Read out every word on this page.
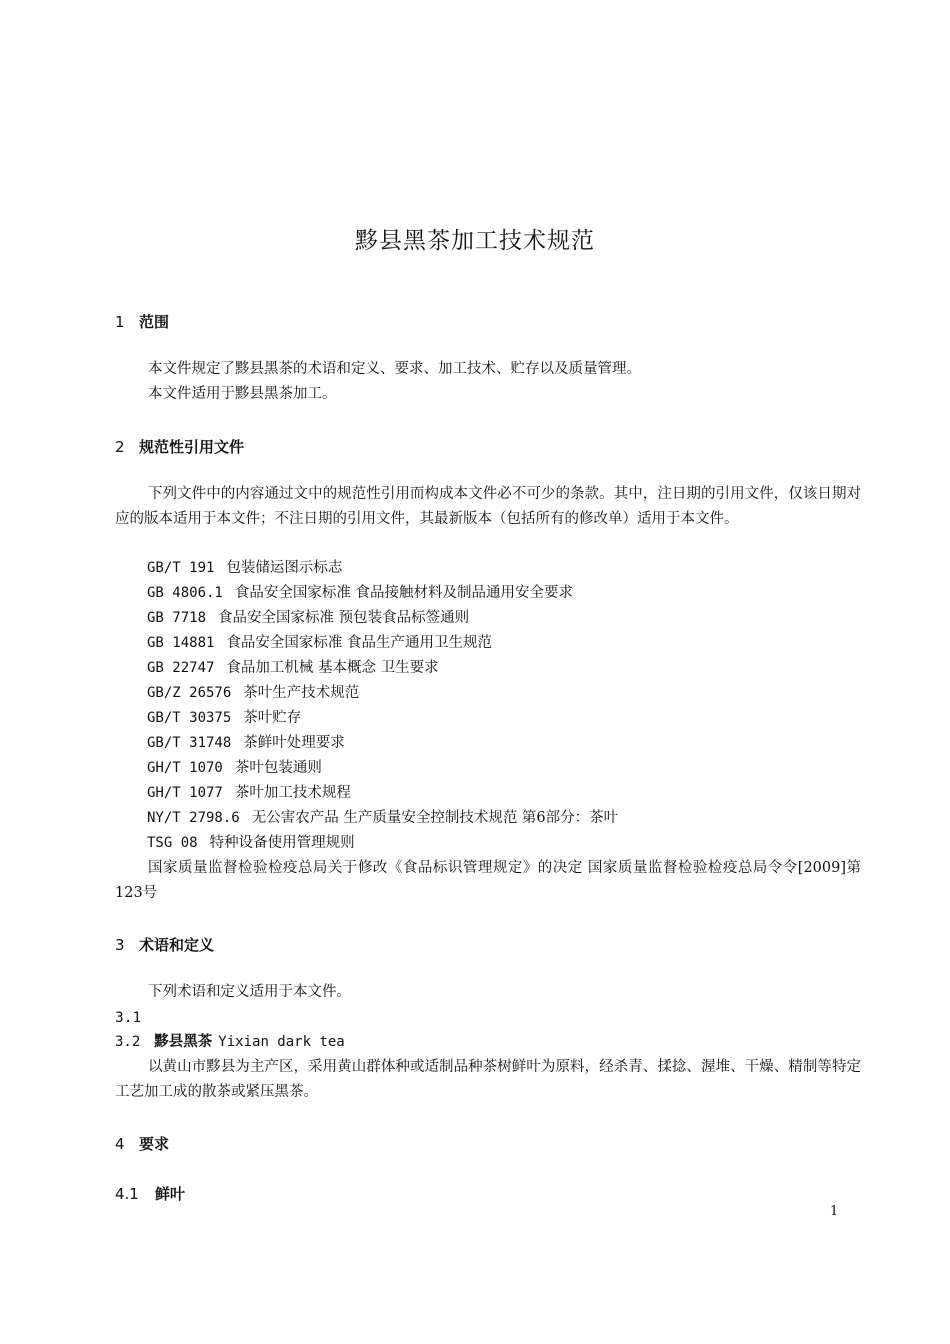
黟县黑茶加工技术规范
1 范围
本文件规定了黟县黑茶的术语和定义、要求、加工技术、贮存以及质量管理。
本文件适用于黟县黑茶加工。
2 规范性引用文件
下列文件中的内容通过文中的规范性引用而构成本文件必不可少的条款。其中，注日期的引用文件，仅该日期对应的版本适用于本文件；不注日期的引用文件，其最新版本（包括所有的修改单）适用于本文件。
GB/T 191 包装储运图示标志
GB 4806.1 食品安全国家标准 食品接触材料及制品通用安全要求
GB 7718 食品安全国家标准 预包装食品标签通则
GB 14881 食品安全国家标准 食品生产通用卫生规范
GB 22747 食品加工机械 基本概念 卫生要求
GB/Z 26576 茶叶生产技术规范
GB/T 30375 茶叶贮存
GB/T 31748 茶鲜叶处理要求
GH/T 1070 茶叶包装通则
GH/T 1077 茶叶加工技术规程
NY/T 2798.6 无公害农产品 生产质量安全控制技术规范 第6部分：茶叶
TSG 08 特种设备使用管理规则
国家质量监督检验检疫总局关于修改《食品标识管理规定》的决定 国家质量监督检验检疫总局令令[2009]第123号
3 术语和定义
下列术语和定义适用于本文件。
3.1
3.2 黟县黑茶 Yixian dark tea
以黄山市黟县为主产区，采用黄山群体种或适制品种茶树鲜叶为原料，经杀青、揉捻、渥堆、干燥、精制等特定工艺加工成的散茶或紧压黑茶。
4 要求
4.1 鲜叶
1
